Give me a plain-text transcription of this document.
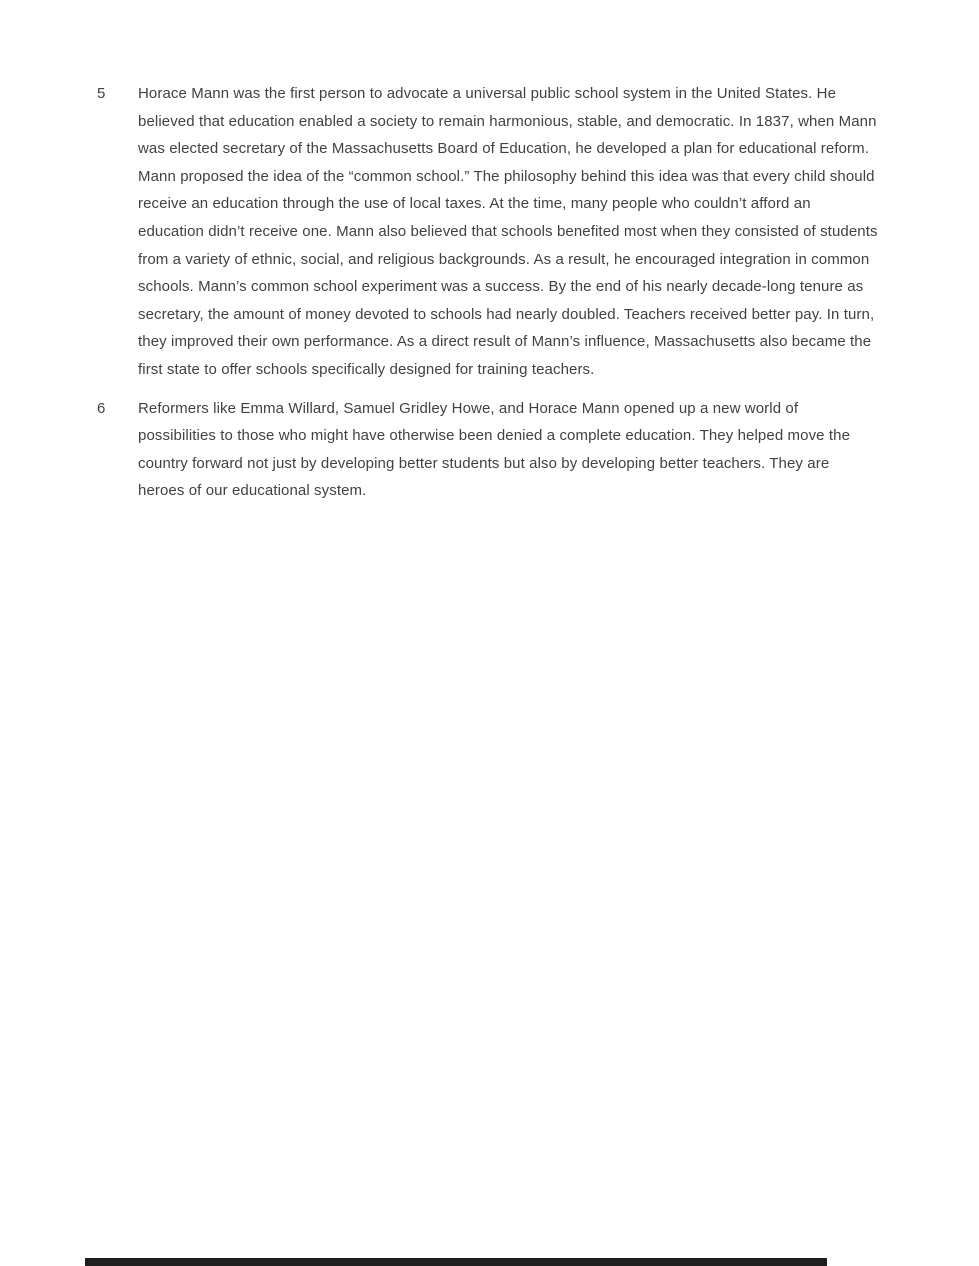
5	Horace Mann was the first person to advocate a universal public school system in the United States. He believed that education enabled a society to remain harmonious, stable, and democratic. In 1837, when Mann was elected secretary of the Massachusetts Board of Education, he developed a plan for educational reform. Mann proposed the idea of the “common school.” The philosophy behind this idea was that every child should receive an education through the use of local taxes. At the time, many people who couldn’t afford an education didn’t receive one. Mann also believed that schools benefited most when they consisted of students from a variety of ethnic, social, and religious backgrounds. As a result, he encouraged integration in common schools. Mann’s common school experiment was a success. By the end of his nearly decade-long tenure as secretary, the amount of money devoted to schools had nearly doubled. Teachers received better pay. In turn, they improved their own performance. As a direct result of Mann’s influence, Massachusetts also became the first state to offer schools specifically designed for training teachers.

6	Reformers like Emma Willard, Samuel Gridley Howe, and Horace Mann opened up a new world of possibilities to those who might have otherwise been denied a complete education. They helped move the country forward not just by developing better students but also by developing better teachers. They are heroes of our educational system.
